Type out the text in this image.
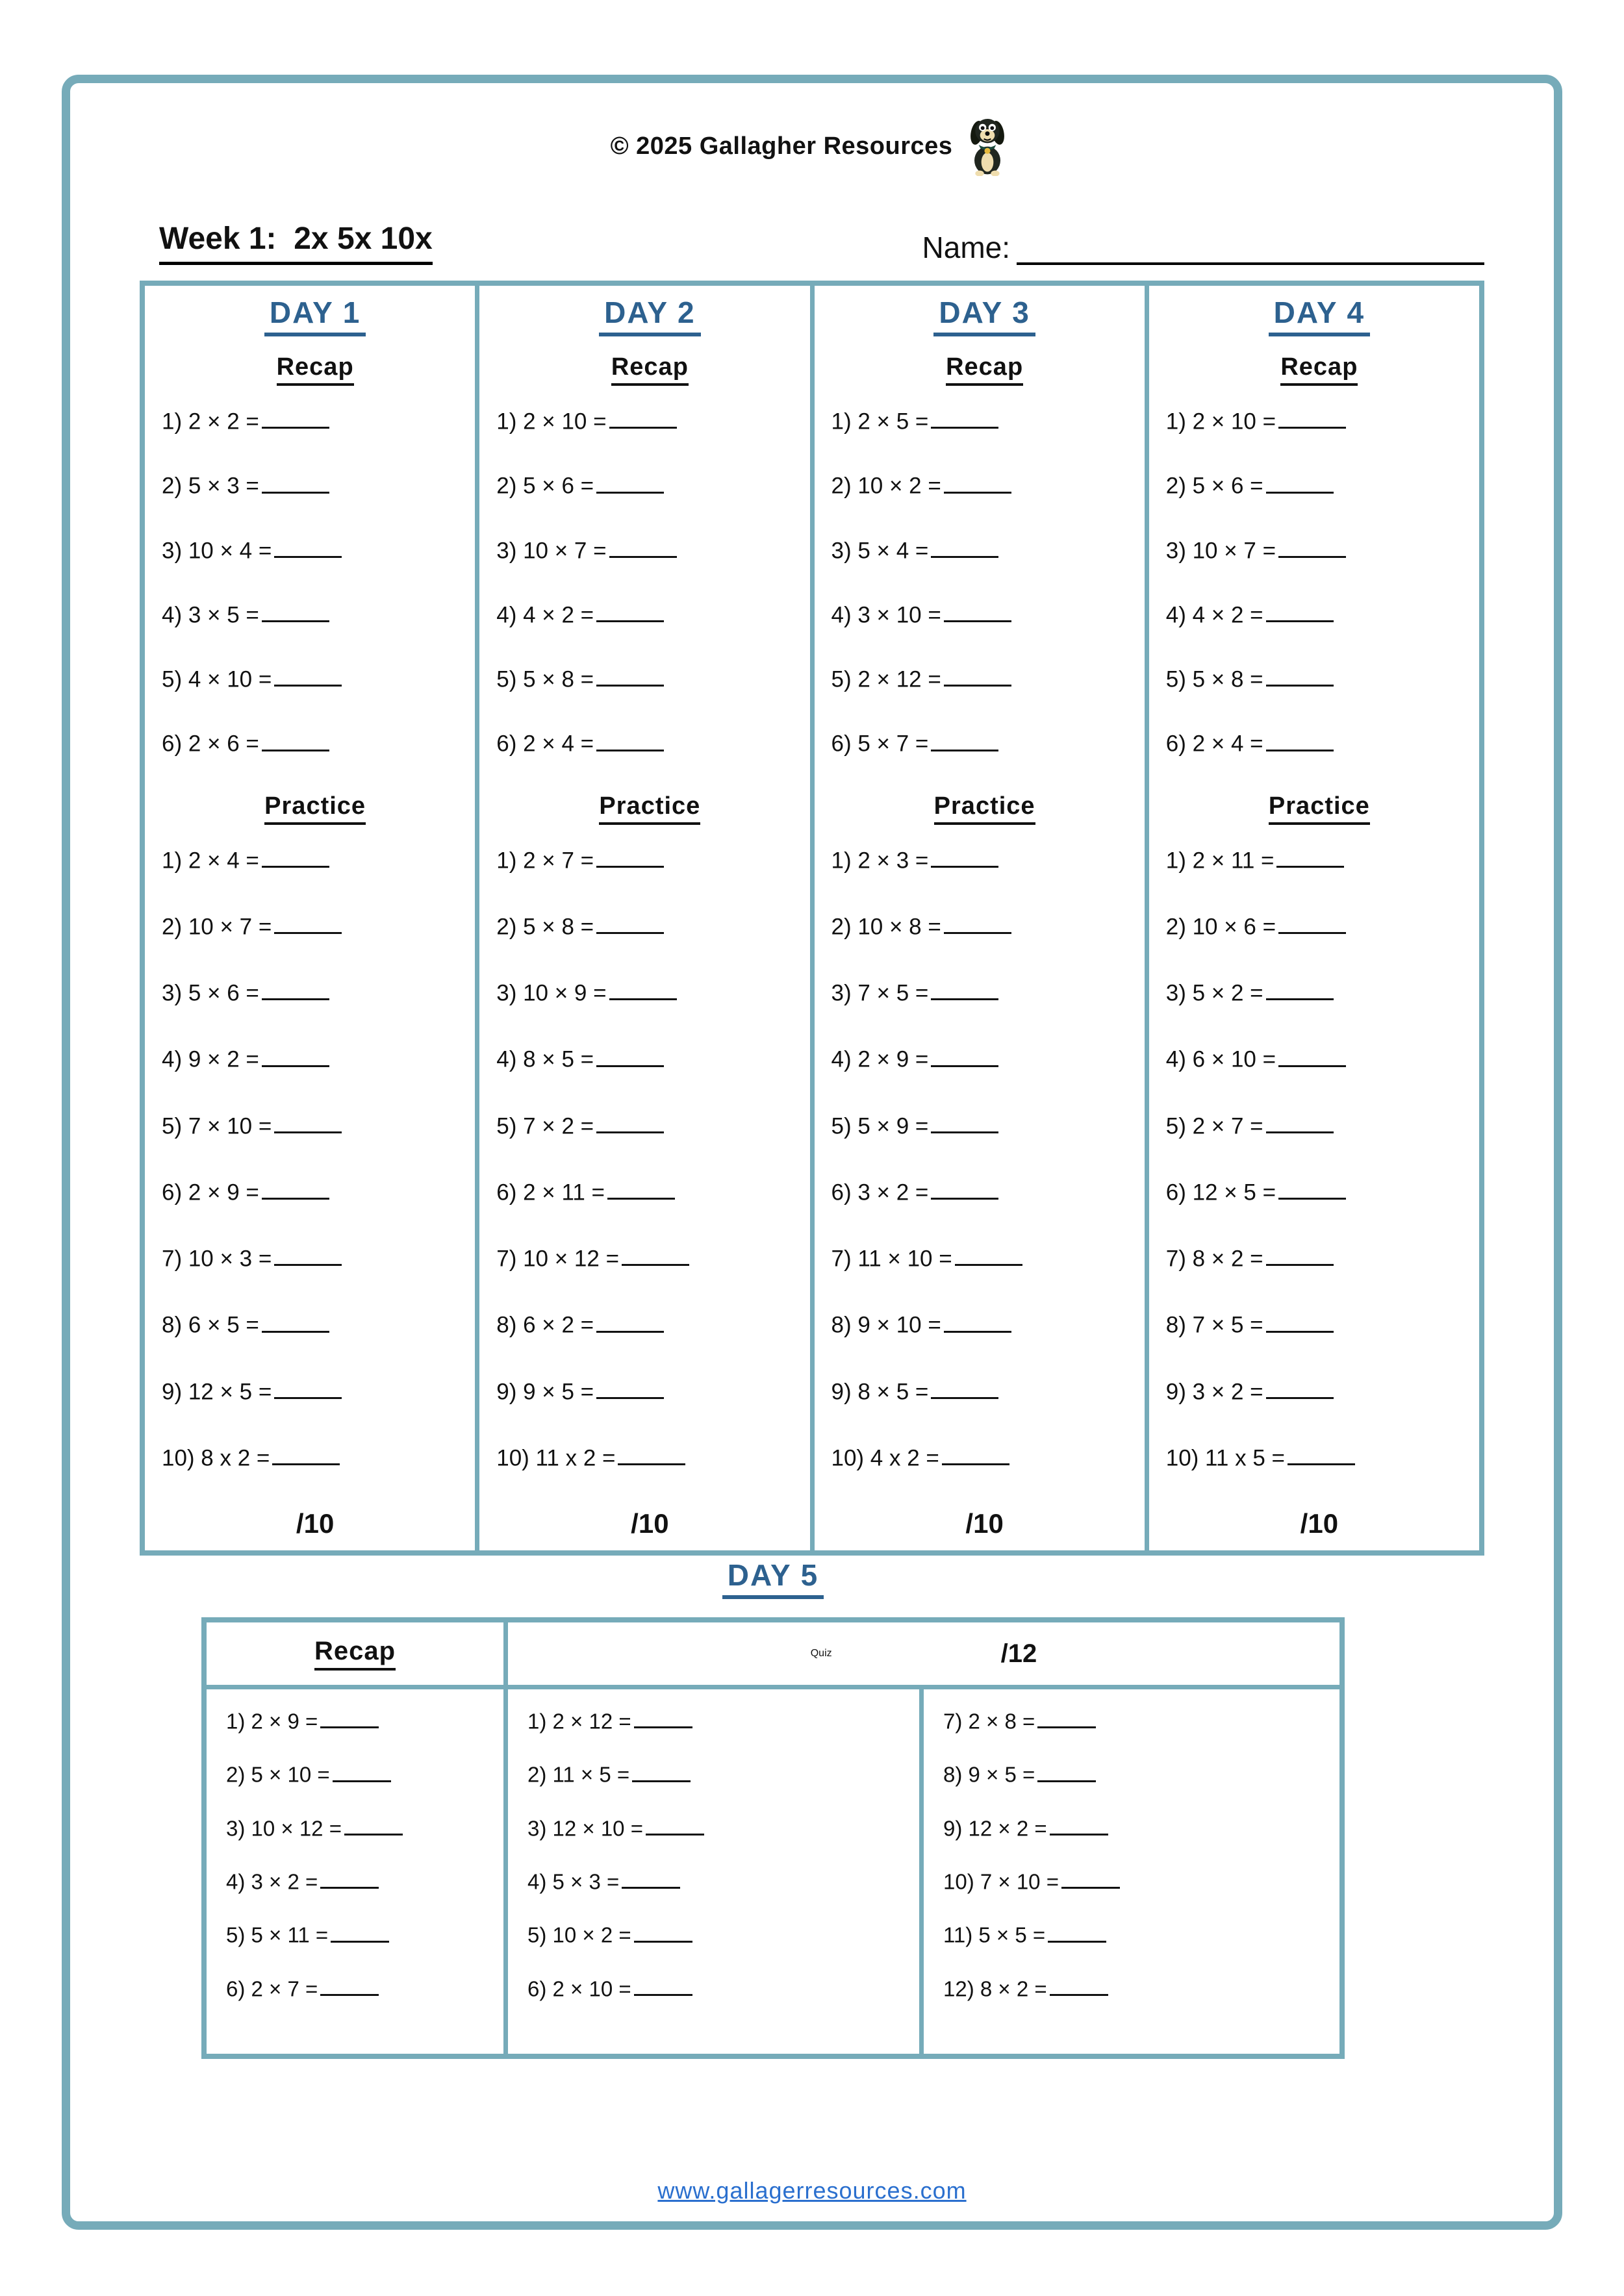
© 2025 Gallagher Resources
Week 1:  2x 5x 10x	Name:
DAY 1
Recap
1) 2 × 2 =
2) 5 × 3 =
3) 10 × 4 =
4) 3 × 5 =
5) 4 × 10 =
6) 2 × 6 =
Practice
1) 2 × 4 =
2) 10 × 7 =
3) 5 × 6 =
4) 9 × 2 =
5) 7 × 10 =
6) 2 × 9 =
7) 10 × 3 =
8) 6 × 5 =
9) 12 × 5 =
10) 8 x 2 =
/10
DAY 2
Recap
1) 2 × 10 =
2) 5 × 6 =
3) 10 × 7 =
4) 4 × 2 =
5) 5 × 8 =
6) 2 × 4 =
Practice
1) 2 × 7 =
2) 5 × 8 =
3) 10 × 9 =
4) 8 × 5 =
5) 7 × 2 =
6) 2 × 11 =
7) 10 × 12 =
8) 6 × 2 =
9) 9 × 5 =
10) 11 x 2 =
/10
DAY 3
Recap
1) 2 × 5 =
2) 10 × 2 =
3) 5 × 4 =
4) 3 × 10 =
5) 2 × 12 =
6) 5 × 7 =
Practice
1) 2 × 3 =
2) 10 × 8 =
3) 7 × 5 =
4) 2 × 9 =
5) 5 × 9 =
6) 3 × 2 =
7) 11 × 10 =
8) 9 × 10 =
9) 8 × 5 =
10) 4 x 2 =
/10
DAY 4
Recap
1) 2 × 10 =
2) 5 × 6 =
3) 10 × 7 =
4) 4 × 2 =
5) 5 × 8 =
6) 2 × 4 =
Practice
1) 2 × 11 =
2) 10 × 6 =
3) 5 × 2 =
4) 6 × 10 =
5) 2 × 7 =
6) 12 × 5 =
7) 8 × 2 =
8) 7 × 5 =
9) 3 × 2 =
10) 11 x 5 =
/10
DAY 5
Recap	Quiz	/12
1) 2 × 9 =
2) 5 × 10 =
3) 10 × 12 =
4) 3 × 2 =
5) 5 × 11 =
6) 2 × 7 =
1) 2 × 12 =
2) 11 × 5 =
3) 12 × 10 =
4) 5 × 3 =
5) 10 × 2 =
6) 2 × 10 =
7) 2 × 8 =
8) 9 × 5 =
9) 12 × 2 =
10) 7 × 10 =
11) 5 × 5 =
12) 8 × 2 =
www.gallagerresources.com
